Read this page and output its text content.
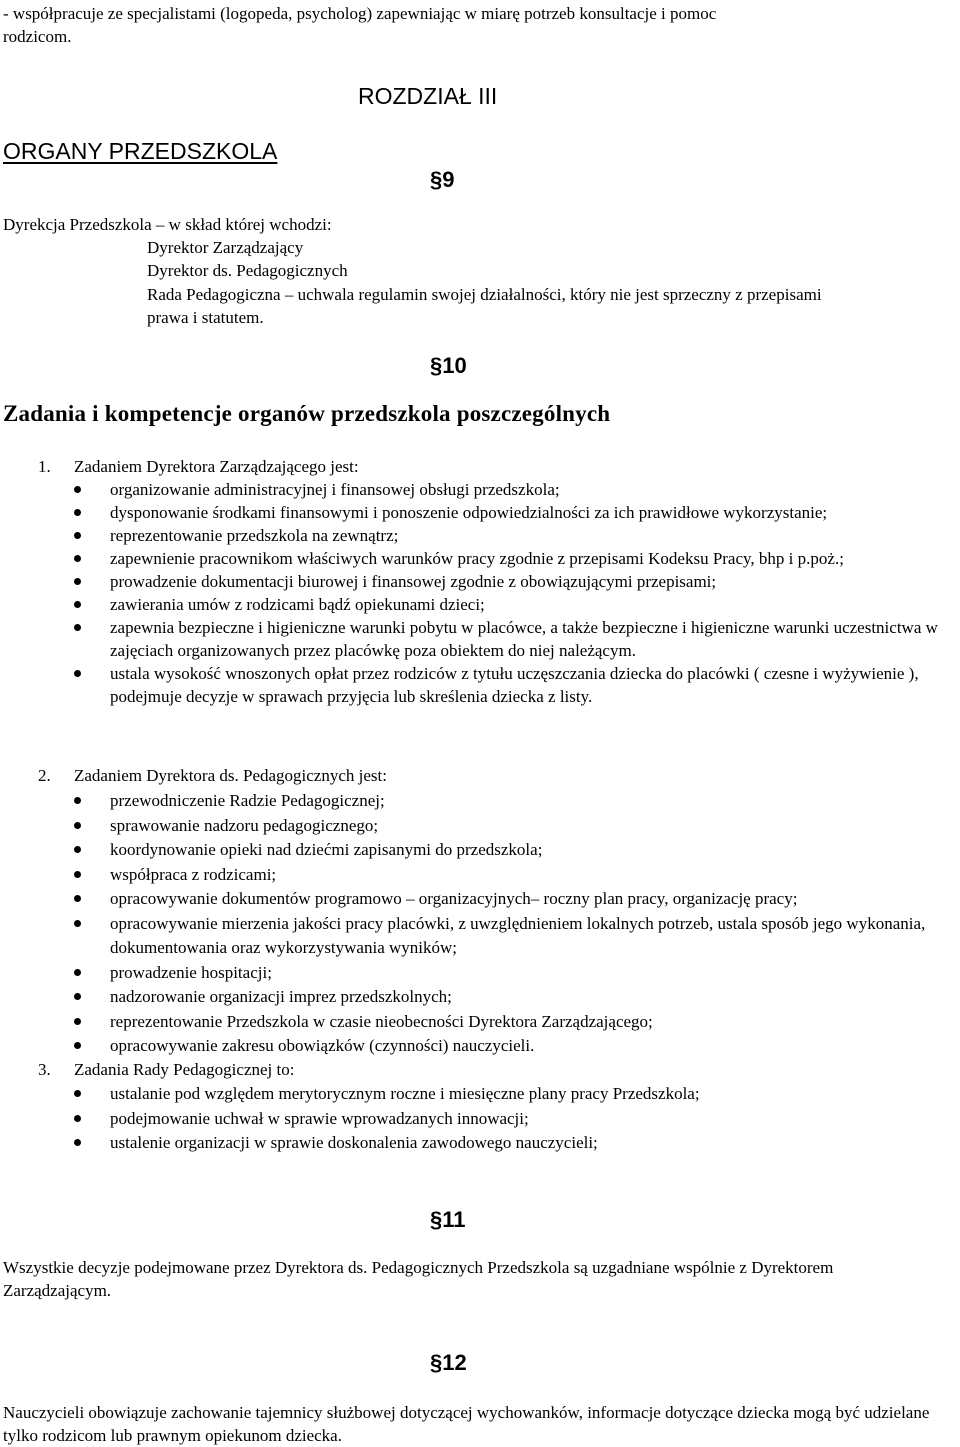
- współpracuje ze specjalistami (logopeda, psycholog) zapewniając w miarę potrzeb konsultacje i pomoc
rodzicom.
ROZDZIAŁ III
ORGANY PRZEDSZKOLA
§9
Dyrekcja Przedszkola – w skład której wchodzi:
Dyrektor Zarządzający
Dyrektor ds. Pedagogicznych
Rada Pedagogiczna – uchwala regulamin swojej działalności, który nie jest sprzeczny z przepisami
prawa i statutem.
§10
Zadania i kompetencje organów przedszkola poszczególnych
1. Zadaniem Dyrektora Zarządzającego jest:
organizowanie administracyjnej i finansowej obsługi przedszkola;
dysponowanie środkami finansowymi i ponoszenie odpowiedzialności za ich prawidłowe wykorzystanie;
reprezentowanie przedszkola na zewnątrz;
zapewnienie pracownikom właściwych warunków pracy zgodnie z przepisami Kodeksu Pracy, bhp i p.poż.;
prowadzenie dokumentacji biurowej i finansowej zgodnie z obowiązującymi przepisami;
zawierania umów z rodzicami bądź opiekunami dzieci;
zapewnia bezpieczne i higieniczne warunki pobytu w placówce, a także bezpieczne i higieniczne warunki uczestnictwa w zajęciach organizowanych przez placówkę poza obiektem do niej należącym.
ustala wysokość wnoszonych opłat przez rodziców z tytułu uczęszczania dziecka do placówki ( czesne i wyżywienie ), podejmuje decyzje w sprawach przyjęcia lub skreślenia dziecka z listy.
2. Zadaniem Dyrektora ds. Pedagogicznych jest:
przewodniczenie Radzie Pedagogicznej;
sprawowanie nadzoru pedagogicznego;
koordynowanie opieki nad dziećmi zapisanymi do przedszkola;
współpraca z rodzicami;
opracowywanie dokumentów programowo – organizacyjnych– roczny plan pracy, organizację pracy;
opracowywanie mierzenia jakości pracy placówki, z uwzględnieniem lokalnych potrzeb, ustala sposób jego wykonania, dokumentowania oraz wykorzystywania wyników;
prowadzenie hospitacji;
nadzorowanie organizacji imprez przedszkolnych;
reprezentowanie Przedszkola w czasie nieobecności Dyrektora Zarządzającego;
opracowywanie zakresu obowiązków (czynności) nauczycieli.
3. Zadania Rady Pedagogicznej to:
ustalanie pod względem merytorycznym roczne i miesięczne plany pracy Przedszkola;
podejmowanie uchwał w sprawie wprowadzanych innowacji;
ustalenie organizacji w sprawie doskonalenia zawodowego nauczycieli;
§11
Wszystkie decyzje podejmowane przez Dyrektora ds. Pedagogicznych Przedszkola są uzgadniane wspólnie z Dyrektorem Zarządzającym.
§12
Nauczycieli obowiązuje zachowanie tajemnicy służbowej dotyczącej wychowanków, informacje dotyczące dziecka mogą być udzielane tylko rodzicom lub prawnym opiekunom dziecka.
